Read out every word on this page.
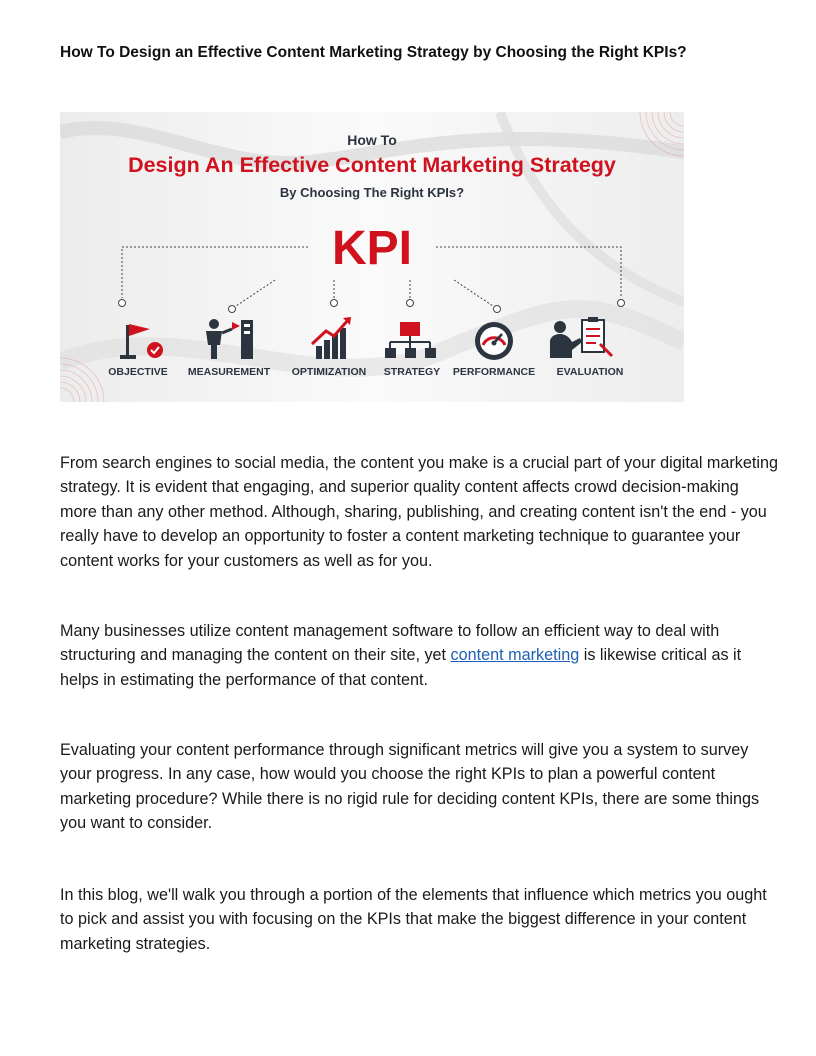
How To Design an Effective Content Marketing Strategy by Choosing the Right KPIs?
How To
Design An Effective Content Marketing Strategy
By Choosing The Right KPIs?
KPI
OBJECTIVE MEASUREMENT OPTIMIZATION STRATEGY PERFORMANCE EVALUATION

From search engines to social media, the content you make is a crucial part of your digital marketing strategy. It is evident that engaging, and superior quality content affects crowd decision-making more than any other method. Although, sharing, publishing, and creating content isn't the end - you really have to develop an opportunity to foster a content marketing technique to guarantee your content works for your customers as well as for you.

Many businesses utilize content management software to follow an efficient way to deal with structuring and managing the content on their site, yet content marketing is likewise critical as it helps in estimating the performance of that content.

Evaluating your content performance through significant metrics will give you a system to survey your progress. In any case, how would you choose the right KPIs to plan a powerful content marketing procedure? While there is no rigid rule for deciding content KPIs, there are some things you want to consider.

In this blog, we'll walk you through a portion of the elements that influence which metrics you ought to pick and assist you with focusing on the KPIs that make the biggest difference in your content marketing strategies.
